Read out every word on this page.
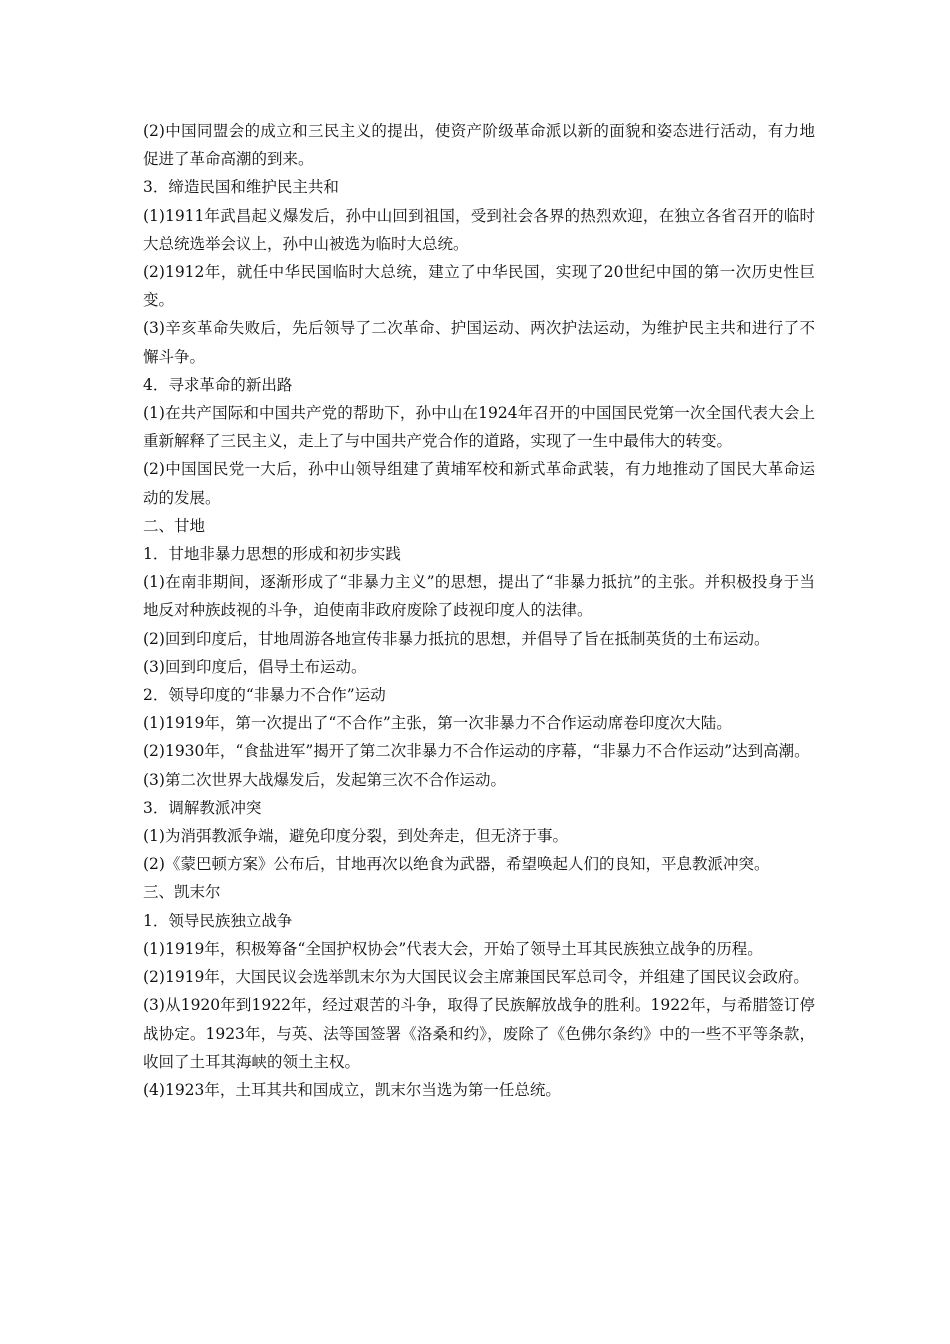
(2)中国同盟会的成立和三民主义的提出，使资产阶级革命派以新的面貌和姿态进行活动，有力地促进了革命高潮的到来。

3．缔造民国和维护民主共和

(1)1911年武昌起义爆发后，孙中山回到祖国，受到社会各界的热烈欢迎，在独立各省召开的临时大总统选举会议上，孙中山被选为临时大总统。

(2)1912年，就任中华民国临时大总统，建立了中华民国，实现了20世纪中国的第一次历史性巨变。

(3)辛亥革命失败后，先后领导了二次革命、护国运动、两次护法运动，为维护民主共和进行了不懈斗争。

4．寻求革命的新出路

(1)在共产国际和中国共产党的帮助下，孙中山在1924年召开的中国国民党第一次全国代表大会上重新解释了三民主义，走上了与中国共产党合作的道路，实现了一生中最伟大的转变。

(2)中国国民党一大后，孙中山领导组建了黄埔军校和新式革命武装，有力地推动了国民大革命运动的发展。

二、甘地

1．甘地非暴力思想的形成和初步实践

(1)在南非期间，逐渐形成了“非暴力主义”的思想，提出了“非暴力抵抗”的主张。并积极投身于当地反对种族歧视的斗争，迫使南非政府废除了歧视印度人的法律。

(2)回到印度后，甘地周游各地宣传非暴力抵抗的思想，并倡导了旨在抵制英货的土布运动。

(3)回到印度后，倡导土布运动。

2．领导印度的“非暴力不合作”运动

(1)1919年，第一次提出了“不合作”主张，第一次非暴力不合作运动席卷印度次大陆。

(2)1930年，“食盐进军”揭开了第二次非暴力不合作运动的序幕，“非暴力不合作运动”达到高潮。

(3)第二次世界大战爆发后，发起第三次不合作运动。

3．调解教派冲突

(1)为消弭教派争端，避免印度分裂，到处奔走，但无济于事。

(2)《蒙巴顿方案》公布后，甘地再次以绝食为武器，希望唤起人们的良知，平息教派冲突。

三、凯末尔

1．领导民族独立战争

(1)1919年，积极筹备“全国护权协会”代表大会，开始了领导土耳其民族独立战争的历程。

(2)1919年，大国民议会选举凯末尔为大国民议会主席兼国民军总司令，并组建了国民议会政府。

(3)从1920年到1922年，经过艰苦的斗争，取得了民族解放战争的胜利。1922年，与希腊签订停战协定。1923年，与英、法等国签署《洛桑和约》，废除了《色佛尔条约》中的一些不平等条款，收回了土耳其海峡的领土主权。

(4)1923年，土耳其共和国成立，凯末尔当选为第一任总统。
